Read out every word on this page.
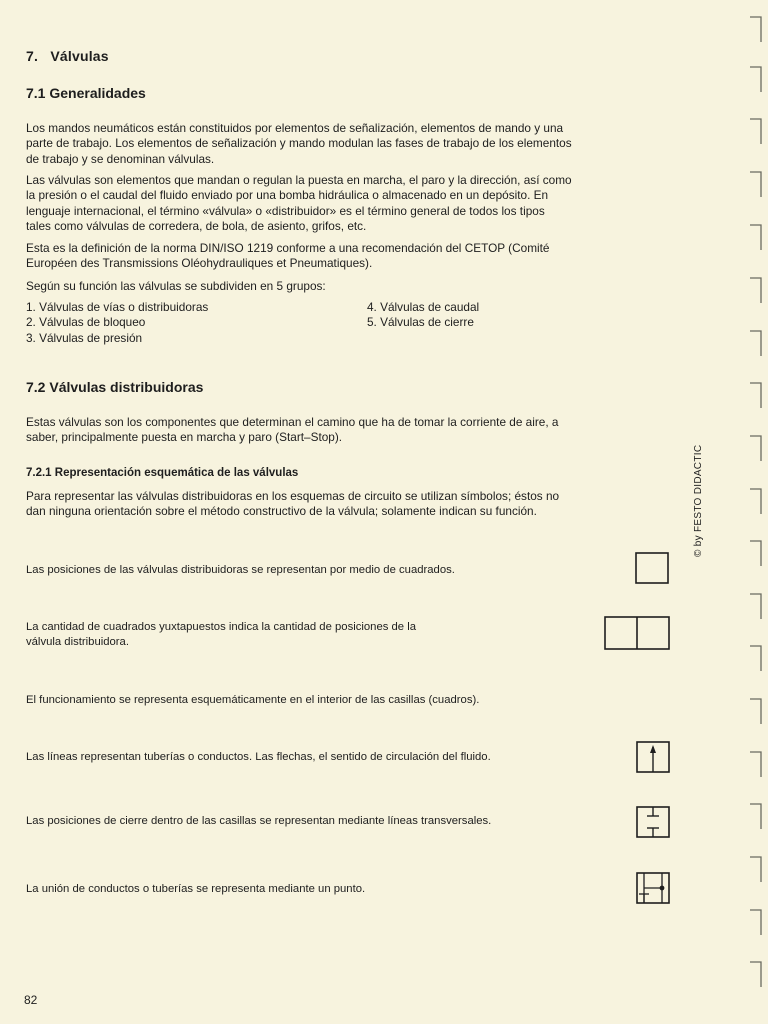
7. Válvulas
7.1 Generalidades
Los mandos neumáticos están constituidos por elementos de señalización, elementos de mando y una
parte de trabajo. Los elementos de señalización y mando modulan las fases de trabajo de los elementos
de trabajo y se denominan válvulas.
Las válvulas son elementos que mandan o regulan la puesta en marcha, el paro y la dirección, así como
la presión o el caudal del fluido enviado por una bomba hidráulica o almacenado en un depósito. En
lenguaje internacional, el término «válvula» o «distribuidor» es el término general de todos los tipos
tales como válvulas de corredera, de bola, de asiento, grifos, etc.
Esta es la definición de la norma DIN/ISO 1219 conforme a una recomendación del CETOP (Comité
Européen des Transmissions Oléohydrauliques et Pneumatiques).
Según su función las válvulas se subdividen en 5 grupos:
1. Válvulas de vías o distribuidoras
2. Válvulas de bloqueo
3. Válvulas de presión
4. Válvulas de caudal
5. Válvulas de cierre
7.2 Válvulas distribuidoras
Estas válvulas son los componentes que determinan el camino que ha de tomar la corriente de aire, a
saber, principalmente puesta en marcha y paro (Start–Stop).
7.2.1 Representación esquemática de las válvulas
Para representar las válvulas distribuidoras en los esquemas de circuito se utilizan símbolos; éstos no
dan ninguna orientación sobre el método constructivo de la válvula; solamente indican su función.
Las posiciones de las válvulas distribuidoras se representan por medio de cuadrados.
La cantidad de cuadrados yuxtapuestos indica la cantidad de posiciones de la
válvula distribuidora.
El funcionamiento se representa esquemáticamente en el interior de las casillas (cuadros).
Las líneas representan tuberías o conductos. Las flechas, el sentido de circulación del fluido.
Las posiciones de cierre dentro de las casillas se representan mediante líneas transversales.
La unión de conductos o tuberías se representa mediante un punto.
© by FESTO DIDACTIC
82
